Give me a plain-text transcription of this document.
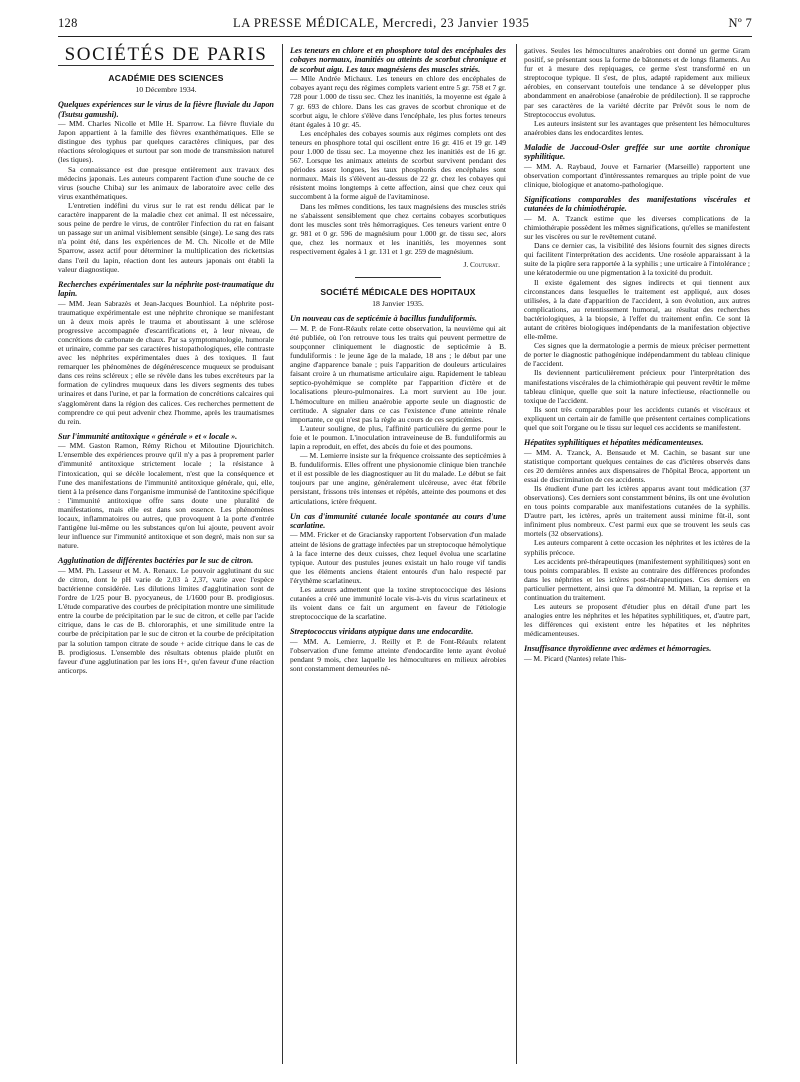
128	LA PRESSE MÉDICALE, Mercredi, 23 Janvier 1935	Nº 7
SOCIÉTÉS DE PARIS
ACADÉMIE DES SCIENCES
10 Décembre 1934.
Quelques expériences sur le virus de la fièvre fluviale du Japon (Tsutsu gamushi).

— MM. Charles Nicolle et Mlle H. Sparrow. La fièvre fluviale du Japon appartient à la famille des fièvres exanthématiques. Elle se distingue des typhus par quelques caractères cliniques, par des réactions sérologiques et surtout par son mode de transmission naturel (les tiques).

Sa connaissance est due presque entièrement aux travaux des médecins japonais. Les auteurs comparent l'action d'une souche de ce virus (souche Chiba) sur les animaux de laboratoire avec celle des virus exanthématiques.

L'entretien indéfini du virus sur le rat est rendu délicat par le caractère inapparent de la maladie chez cet animal. Il est nécessaire, sous peine de perdre le virus, de contrôler l'infection du rat en faisant un passage sur un animal visiblement sensible (singe). Le sang des rats n'a point été, dans les expériences de M. Ch. Nicolle et de Mlle Sparrow, assez actif pour déterminer la multiplication des rickettsias dans l'œil du lapin, réaction dont les auteurs japonais ont établi la valeur diagnostique.

Recherches expérimentales sur la néphrite post-traumatique du lapin.

— MM. Jean Sabrazès et Jean-Jacques Bounhiol. La néphrite post-traumatique expérimentale est une néphrite chronique se manifestant un à deux mois après le trauma et aboutissant à une sclérose progressive accompagnée d'escarrifications et, à leur niveau, de concrétions de carbonate de chaux. Par sa symptomatologie, humorale et urinaire, comme par ses caractères histopathologiques, elle contraste avec les néphrites expérimentales dues à des toxiques. Il faut remarquer les phénomènes de dégénérescence muqueux se produisant dans ces reins scléreux ; elle se révèle dans les tubes excréteurs par la formation de cylindres muqueux dans les divers segments des tubes urinaires et dans l'urine, et par la formation de concrétions calcaires qui s'agglomèrent dans la région des calices. Ces recherches permettent de comprendre ce qui peut advenir chez l'homme, après les traumatismes du rein.

Sur l'immunité antitoxique « générale » et « locale ».

— MM. Gaston Ramon, Rémy Richou et Miloutine Djourichitch. L'ensemble des expériences prouve qu'il n'y a pas à proprement parler d'immunité antitoxique strictement locale ; la résistance à l'intoxication, qui se décèle localement, n'est que la conséquence et l'une des manifestations de l'immunité antitoxique générale, qui, elle, tient à la présence dans l'organisme immunisé de l'antitoxine spécifique : l'immunité antitoxique offre sans doute une pluralité de manifestations, mais elle est dans son essence. Les phénomènes locaux, inflammatoires ou autres, que provoquent à la porte d'entrée l'antigène lui-même ou les substances qu'on lui ajoute, peuvent avoir leur influence sur l'immunité antitoxique et son degré, mais non sur sa nature.

Agglutination de différentes bactéries par le suc de citron.

— MM. Ph. Lasseur et M. A. Renaux. Le pouvoir agglutinant du suc de citron, dont le pH varie de 2,03 à 2,37, varie avec l'espèce bactérienne considérée. Les dilutions limites d'agglutination sont de l'ordre de 1/25 pour B. pyocyaneus, de 1/1600 pour B. prodigiosus. L'étude comparative des courbes de précipitation montre une similitude entre la courbe de précipitation par le suc de citron, et celle par l'acide citrique, dans le cas de B. chlororaphis, et une similitude entre la courbe de précipitation par le suc de citron et la courbe de précipitation par la solution tampon citrate de soude + acide citrique dans le cas de B. prodigiosus. L'ensemble des résultats obtenus plaide plutôt en faveur d'une agglutination par les ions H+, qu'en faveur d'une réaction anticorps.

Les teneurs en chlore et en phosphore total des encéphales des cobayes normaux, inanitiés ou atteints de scorbut chronique et de scorbut aigu. Les taux magnésiens des muscles striés.

— Mlle Andrée Michaux. Les teneurs en chlore des encéphales de cobayes ayant reçu des régimes complets varient entre 5 gr. 758 et 7 gr. 728 pour 1.000 de tissu sec. Chez les inanitiés, la moyenne est égale à 7 gr. 693 de chlore. Dans les cas graves de scorbut chronique et de scorbut aigu, le chlore s'élève dans l'encéphale, les plus fortes teneurs étant égales à 10 gr. 45.

Les encéphales des cobayes soumis aux régimes complets ont des teneurs en phosphore total qui oscillent entre 16 gr. 416 et 19 gr. 149 pour 1.000 de tissu sec. La moyenne chez les inanitiés est de 16 gr. 567. Lorsque les animaux atteints de scorbut survivent pendant des périodes assez longues, les taux phosphorés des encéphales sont normaux. Mais ils s'élèvent au-dessus de 22 gr. chez les cobayes qui résistent moins longtemps à cette affection, ainsi que chez ceux qui succombent à la forme aiguë de l'avitaminose.

Dans les mêmes conditions, les taux magnésiens des muscles striés ne s'abaissent sensiblement que chez certains cobayes scorbutiques dont les muscles sont très hémorragiques. Ces teneurs varient entre 0 gr. 981 et 0 gr. 596 de magnésium pour 1.000 gr. de tissu sec, alors que, chez les normaux et les inanitiés, les moyennes sont respectivement égales à 1 gr. 131 et 1 gr. 259 de magnésium.

J. Couturat.
SOCIÉTÉ MÉDICALE DES HOPITAUX
18 Janvier 1935.
Un nouveau cas de septicémie à bacillus funduliformis.

— M. P. de Font-Réaulx relate cette observation, la neuvième qui ait été publiée, où l'on retrouve tous les traits qui peuvent permettre de soupçonner cliniquement le diagnostic de septicémie à B. funduliformis : le jeune âge de la malade, 18 ans ; le début par une angine d'apparence banale ; puis l'apparition de douleurs articulaires faisant croire à un rhumatisme articulaire aigu. Rapidement le tableau septico-pyohémique se complète par l'apparition d'ictère et de localisations pleuro-pulmonaires. La mort survient au 10e jour. L'hémoculture en milieu anaérobie apporte seule un diagnostic de certitude. A signaler dans ce cas l'existence d'une atteinte rénale importante, ce qui n'est pas la règle au cours de ces septicémies.

L'auteur souligne, de plus, l'affinité particulière du germe pour le foie et le poumon. L'inoculation intraveineuse de B. funduliformis au lapin a reproduit, en effet, des abcès du foie et des poumons.

— M. Lemierre insiste sur la fréquence croissante des septicémies à B. funduliformis. Elles offrent une physionomie clinique bien tranchée et il est possible de les diagnostiquer au lit du malade. Le début se fait toujours par une angine, généralement ulcéreuse, avec état fébrile persistant, frissons très intenses et répétés, atteinte des poumons et des articulations, ictère fréquent.

Un cas d'immunité cutanée locale spontanée au cours d'une scarlatine.

— MM. Fricker et de Graciansky rapportent l'observation d'un malade atteint de lésions de grattage infectées par un streptocoque hémolytique à la face interne des deux cuisses, chez lequel évolua une scarlatine typique. Autour des pustules jeunes existait un halo rouge vif tandis que les éléments anciens étaient entourés d'un halo respecté par l'érythème scarlatineux.

Les auteurs admettent que la toxine streptococcique des lésions cutanées a créé une immunité locale vis-à-vis du virus scarlatineux et ils voient dans ce fait un argument en faveur de l'étiologie streptococcique de la scarlatine.

Streptococcus viridans atypique dans une endocardite.

— MM. A. Lemierre, J. Reilly et P. de Font-Réaulx relatent l'observation d'une femme atteinte d'endocardite lente ayant évolué pendant 9 mois, chez laquelle les hémocultures en milieux aérobies sont constamment demeurées né-

gatives. Seules les hémocultures anaérobies ont donné un germe Gram positif, se présentant sous la forme de bâtonnets et de longs filaments. Au fur et à mesure des repiquages, ce germe s'est transformé en un streptocoque typique. Il s'est, de plus, adapté rapidement aux milieux aérobies, en conservant toutefois une tendance à se développer plus abondamment en anaérobiose (anaérobie de prédilection). Il se rapproche par ses caractères de la variété décrite par Prévôt sous le nom de Streptococcus evolutus.

Les auteurs insistent sur les avantages que présentent les hémocultures anaérobies dans les endocardites lentes.

Maladie de Jaccoud-Osler greffée sur une aortite chronique syphilitique.

— MM. A. Raybaud, Jouve et Farnarier (Marseille) rapportent une observation comportant d'intéressantes remarques au triple point de vue clinique, biologique et anatomo-pathologique.

Significations comparables des manifestations viscérales et cutanées de la chimiothérapie.

— M. A. Tzanck estime que les diverses complications de la chimiothérapie possèdent les mêmes significations, qu'elles se manifestent sur les viscères ou sur le revêtement cutané.

Dans ce dernier cas, la visibilité des lésions fournit des signes directs qui facilitent l'interprétation des accidents. Une roséole apparaissant à la suite de la piqûre sera rapportée à la syphilis ; une urticaire à l'intolérance ; une kératodermie ou une pigmentation à la toxicité du produit.

Il existe également des signes indirects et qui tiennent aux circonstances dans lesquelles le traitement est appliqué, aux doses utilisées, à la date d'apparition de l'accident, à son évolution, aux autres complications, au retentissement humoral, au résultat des recherches bactériologiques, à la biopsie, à l'effet du traitement enfin. Ce sont là autant de critères biologiques indépendants de la manifestation objective elle-même.

Ces signes que la dermatologie a permis de mieux préciser permettent de porter le diagnostic pathogénique indépendamment du tableau clinique de l'accident.

Ils deviennent particulièrement précieux pour l'interprétation des manifestations viscérales de la chimiothérapie qui peuvent revêtir le même tableau clinique, quelle que soit la nature infectieuse, réactionnelle ou toxique de l'accident.

Ils sont très comparables pour les accidents cutanés et viscéraux et expliquent un certain air de famille que présentent certaines complications quel que soit l'organe ou le tissu sur lequel ces accidents se manifestent.

Hépatites syphilitiques et hépatites médicamenteuses.

— MM. A. Tzanck, A. Bensaude et M. Cachin, se basant sur une statistique comportant quelques centaines de cas d'ictères observés dans ces 20 dernières années aux dispensaires de l'hôpital Broca, apportent un essai de discrimination de ces accidents.

Ils étudient d'une part les ictères apparus avant tout médication (37 observations). Ces derniers sont constamment bénins, ils ont une évolution en tous points comparable aux manifestations cutanées de la syphilis. D'autre part, les ictères, après un traitement aussi minime fût-il, sont infiniment plus nombreux. C'est parmi eux que se trouvent les seuls cas mortels (32 observations).

Les auteurs comparent à cette occasion les néphrites et les ictères de la syphilis précoce.

Les accidents pré-thérapeutiques (manifestement syphilitiques) sont en tous points comparables. Il existe au contraire des différences profondes dans les néphrites et les ictères post-thérapeutiques. Ces derniers en particulier permettent, ainsi que l'a démontré M. Milian, la reprise et la continuation du traitement.

Les auteurs se proposent d'étudier plus en détail d'une part les analogies entre les néphrites et les hépatites syphilitiques, et, d'autre part, les différences qui existent entre les hépatites et les néphrites médicamenteuses.

Insuffisance thyroïdienne avec œdèmes et hémorragies.

— M. Picard (Nantes) relate l'his-
